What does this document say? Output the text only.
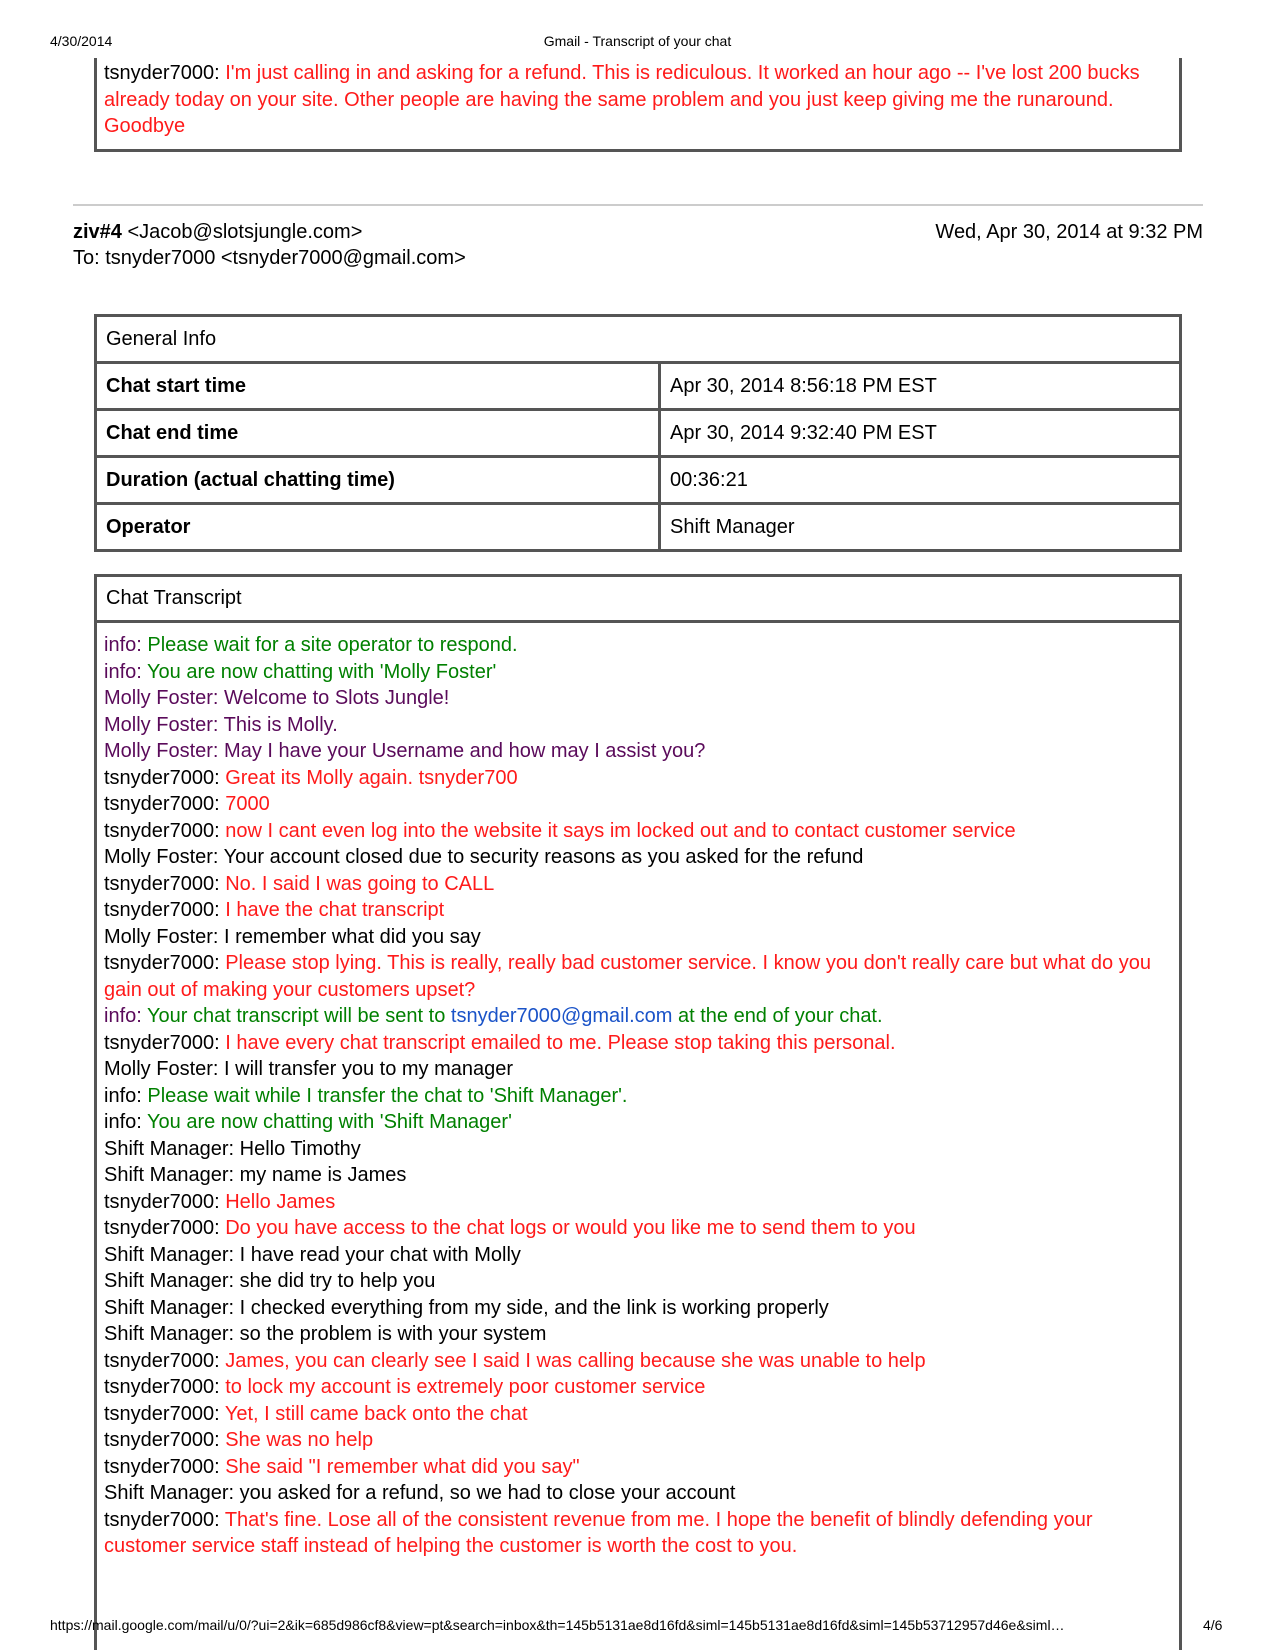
4/30/2014	Gmail - Transcript of your chat
tsnyder7000: I'm just calling in and asking for a refund. This is rediculous. It worked an hour ago -- I've lost 200 bucks already today on your site. Other people are having the same problem and you just keep giving me the runaround. Goodbye
ziv#4 <Jacob@slotsjungle.com>
To: tsnyder7000 <tsnyder7000@gmail.com>
Wed, Apr 30, 2014 at 9:32 PM
General Info	
Chat start time	Apr 30, 2014 8:56:18 PM EST
Chat end time	Apr 30, 2014 9:32:40 PM EST
Duration (actual chatting time)	00:36:21
Operator	Shift Manager
Chat Transcript
info: Please wait for a site operator to respond.
info: You are now chatting with 'Molly Foster'
Molly Foster: Welcome to Slots Jungle!
Molly Foster: This is Molly.
Molly Foster: May I have your Username and how may I assist you?
tsnyder7000: Great its Molly again. tsnyder700
tsnyder7000: 7000
tsnyder7000: now I cant even log into the website it says im locked out and to contact customer service
Molly Foster: Your account closed due to security reasons as you asked for the refund
tsnyder7000: No. I said I was going to CALL
tsnyder7000: I have the chat transcript
Molly Foster: I remember what did you say
tsnyder7000: Please stop lying. This is really, really bad customer service. I know you don't really care but what do you gain out of making your customers upset?
info: Your chat transcript will be sent to tsnyder7000@gmail.com at the end of your chat.
tsnyder7000: I have every chat transcript emailed to me. Please stop taking this personal.
Molly Foster: I will transfer you to my manager
info: Please wait while I transfer the chat to 'Shift Manager'.
info: You are now chatting with 'Shift Manager'
Shift Manager: Hello Timothy
Shift Manager: my name is James
tsnyder7000: Hello James
tsnyder7000: Do you have access to the chat logs or would you like me to send them to you
Shift Manager: I have read your chat with Molly
Shift Manager: she did try to help you
Shift Manager: I checked everything from my side, and the link is working properly
Shift Manager: so the problem is with your system
tsnyder7000: James, you can clearly see I said I was calling because she was unable to help
tsnyder7000: to lock my account is extremely poor customer service
tsnyder7000: Yet, I still came back onto the chat
tsnyder7000: She was no help
tsnyder7000: She said "I remember what did you say"
Shift Manager: you asked for a refund, so we had to close your account
tsnyder7000: That's fine. Lose all of the consistent revenue from me. I hope the benefit of blindly defending your customer service staff instead of helping the customer is worth the cost to you.
https://mail.google.com/mail/u/0/?ui=2&ik=685d986cf8&view=pt&search=inbox&th=145b5131ae8d16fd&siml=145b5131ae8d16fd&siml=145b53712957d46e&siml…	4/6
